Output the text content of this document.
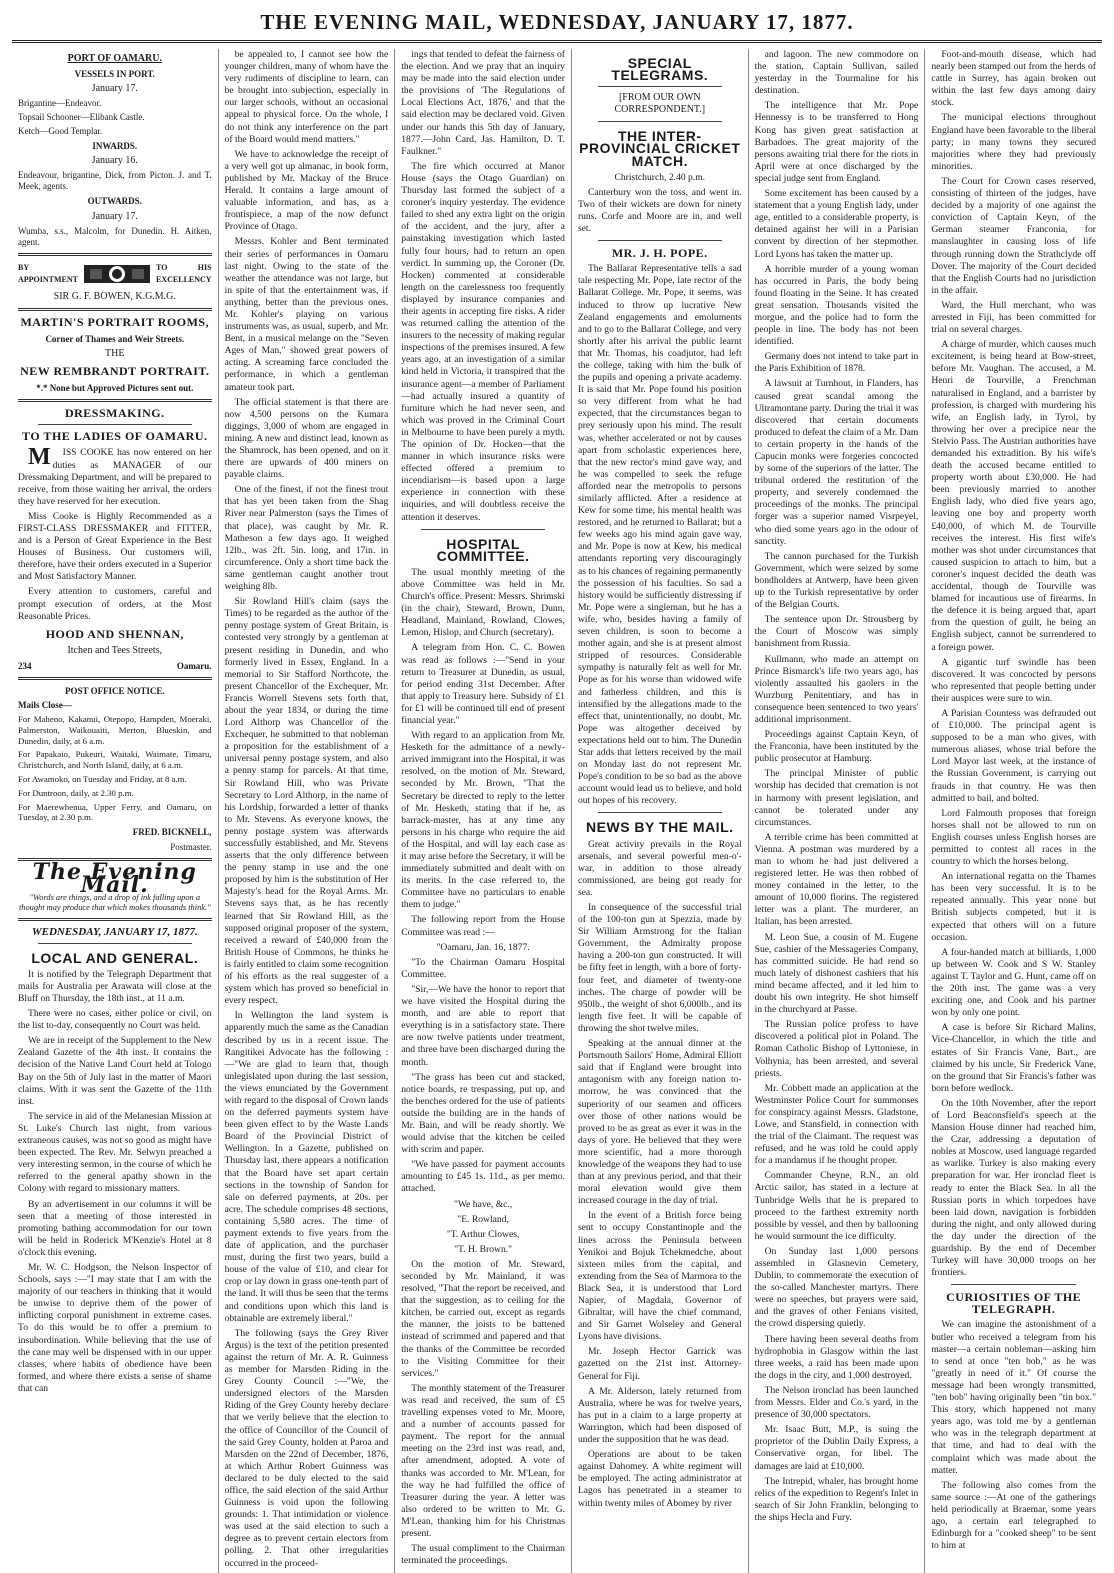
THE EVENING MAIL, WEDNESDAY, JANUARY 17, 1877.
PORT OF OAMARU.
VESSELS IN PORT.
January 17.

Brigantine—Endeavor.

Topsail Schooner—Elibank Castle.

Ketch—Good Templar.

INWARDS.
January 16.

Endeavour, brigantine, Dick, from Picton. J. and T. Meek, agents.

OUTWARDS.
January 17.

Wumba, s.s., Malcolm, for Dunedin. H. Aitken, agent.

BY APPOINTMENT
TO HIS EXCELLENCY
SIR G. F. BOWEN, K.G.M.G.
MARTIN'S PORTRAIT ROOMS,
Corner of Thames and Weir Streets.
THE
NEW REMBRANDT PORTRAIT.
*.* None but Approved Pictures sent out.
DRESSMAKING.
TO THE LADIES OF OAMARU.

MISS COOKE has now entered on her duties as MANAGER of our Dressmaking Department, and will be prepared to receive, from those waiting her arrival, the orders they have reserved for her execution.

Miss Cooke is Highly Recommended as a FIRST-CLASS DRESSMAKER and FITTER, and is a Person of Great Experience in the Best Houses of Business. Our customers will, therefore, have their orders executed in a Superior and Most Satisfactory Manner.

Every attention to customers, careful and prompt execution of orders, at the Most Reasonable Prices.

HOOD AND SHENNAN,
Itchen and Tees Streets,
234	Oamaru.
POST OFFICE NOTICE.

Mails Close—

For Maheno, Kakanui, Otepopo, Hampden, Moeraki, Palmerston, Waikouaiti, Merton, Blueskin, and Dunedin, daily, at 6 a.m.

For Papakaio, Pukeuri, Waitaki, Waimate, Timaru, Christchurch, and North Island, daily, at 6 a.m.

For Awamoko, on Tuesday and Friday, at 8 a.m.

For Duntroon, daily, at 2.30 p.m.

For Maerewhenua, Upper Ferry, and Oamaru, on Tuesday, at 2.30 p.m.

FRED. BICKNELL,

Postmaster.

The Evening Mail.
"Words are things, and a drop of ink falling upon a thought may produce that which makes thousands think."
WEDNESDAY, JANUARY 17, 1877.
LOCAL AND GENERAL.

It is notified by the Telegraph Department that mails for Australia per Arawata will close at the Bluff on Thursday, the 18th inst., at 11 a.m.

There were no cases, either police or civil, on the list to-day, consequently no Court was held.

We are in receipt of the Supplement to the New Zealand Gazette of the 4th inst. It contains the decision of the Native Land Court held at Tologo Bay on the 5th of July last in the matter of Maori claims. With it was sent the Gazette of the 11th inst.

The service in aid of the Melanesian Mission at St. Luke's Church last night, from various extraneous causes, was not so good as might have been expected. The Rev. Mr. Selwyn preached a very interesting sermon, in the course of which he referred to the general apathy shown in the Colony with regard to missionary matters.

By an advertisement in our columns it will be seen that a meeting of those interested in promoting bathing accommodation for our town will be held in Roderick M'Kenzie's Hotel at 8 o'clock this evening.

Mr. W. C. Hodgson, the Nelson Inspector of Schools, says :—"I may state that I am with the majority of our teachers in thinking that it would be unwise to deprive them of the power of inflicting corporal punishment in extreme cases. To do this would be to offer a premium to insubordination. While believing that the use of the cane may well be dispensed with in our upper classes, where habits of obedience have been formed, and where there exists a sense of shame that can

be appealed to, I cannot see how the younger children, many of whom have the very rudiments of discipline to learn, can be brought into subjection, especially in our larger schools, without an occasional appeal to physical force. On the whole, I do not think any interference on the part of the Board would mend matters."

We have to acknowledge the receipt of a very well got up almanac, in book form, published by Mr. Mackay of the Bruce Herald. It contains a large amount of valuable information, and has, as a frontispiece, a map of the now defunct Province of Otago.

Messrs. Kohler and Bent terminated their series of performances in Oamaru last night. Owing to the state of the weather the attendance was not large, but in spite of that the entertainment was, if anything, better than the previous ones. Mr. Kohler's playing on various instruments was, as usual, superb, and Mr. Bent, in a musical melange on the "Seven Ages of Man," showed great powers of acting. A screaming farce concluded the performance, in which a gentleman amateur took part.

The official statement is that there are now 4,500 persons on the Kumara diggings, 3,000 of whom are engaged in mining. A new and distinct lead, known as the Shamrock, has been opened, and on it there are upwards of 400 miners on payable claims.

One of the finest, if not the finest trout that has yet been taken from the Shag River near Palmerston (says the Times of that place), was caught by Mr. R. Matheson a few days ago. It weighed 12lb., was 2ft. 5in. long, and 17in. in circumference. Only a short time back the same gentleman caught another trout weighing 8lb.

Sir Rowland Hill's claim (says the Times) to be regarded as the author of the penny postage system of Great Britain, is contested very strongly by a gentleman at present residing in Dunedin, and who formerly lived in Essex, England. In a memorial to Sir Stafford Northcote, the present Chancellor of the Exchequer, Mr. Francis Worrell Stevens sets forth that, about the year 1834, or during the time Lord Althorp was Chancellor of the Exchequer, he submitted to that nobleman a proposition for the establishment of a universal penny postage system, and also a penny stamp for parcels. At that time, Sir Rowland Hill, who was Private Secretary to Lord Althorp, in the name of his Lordship, forwarded a letter of thanks to Mr. Stevens. As everyone knows, the penny postage system was afterwards successfully established, and Mr. Stevens asserts that the only difference between the penny stamp in use and the one proposed by him is the substitution of Her Majesty's head for the Royal Arms. Mr. Stevens says that, as he has recently learned that Sir Rowland Hill, as the supposed original proposer of the system, received a reward of £40,000 from the British House of Commons, he thinks he is fairly entitled to claim some recognition of his efforts as the real suggester of a system which has proved so beneficial in every respect.

In Wellington the land system is apparently much the same as the Canadian described by us in a recent issue. The Rangitikei Advocate has the following :—"We are glad to learn that, though unlegislated upon during the last session, the views enunciated by the Government with regard to the disposal of Crown lands on the deferred payments system have been given effect to by the Waste Lands Board of the Provincial District of Wellington. In a Gazette, published on Thursday last, there appears a notification that the Board have set apart certain sections in the township of Sandon for sale on deferred payments, at 20s. per acre. The schedule comprises 48 sections, containing 5,580 acres. The time of payment extends to five years from the date of application, and the purchaser must, during the first two years, build a house of the value of £10, and clear for crop or lay down in grass one-tenth part of the land. It will thus be seen that the terms and conditions upon which this land is obtainable are extremely liberal."

The following (says the Grey River Argus) is the text of the petition presented against the return of Mr. A. R. Guinness as member for Marsden Riding in the Grey County Council :—"We, the undersigned electors of the Marsden Riding of the Grey County hereby declare that we verily believe that the election to the office of Councillor of the Council of the said Grey County, holden at Paroa and Marsden on the 22nd of December, 1876, at which Arthur Robert Guinness was declared to be duly elected to the said office, the said election of the said Arthur Guinness is void upon the following grounds: 1. That intimidation or violence was used at the said election to such a degree as to prevent certain electors from polling. 2. That other irregularities occurred in the proceed-

ings that tended to defeat the fairness of the election. And we pray that an inquiry may be made into the said election under the provisions of 'The Regulations of Local Elections Act, 1876,' and that the said election may be declared void. Given under our hands this 5th day of January, 1877.—John Card, Jas. Hamilton, D. T. Faulkner."

The fire which occurred at Manor House (says the Otago Guardian) on Thursday last formed the subject of a coroner's inquiry yesterday. The evidence failed to shed any extra light on the origin of the accident, and the jury, after a painstaking investigation which lasted fully four hours, had to return an open verdict. In summing up, the Coroner (Dr. Hocken) commented at considerable length on the carelessness too frequently displayed by insurance companies and their agents in accepting fire risks. A rider was returned calling the attention of the insurers to the necessity of making regular inspections of the premises insured. A few years ago, at an investigation of a similar kind held in Victoria, it transpired that the insurance agent—a member of Parliament—had actually insured a quantity of furniture which he had never seen, and which was proved in the Criminal Court in Melbourne to have been purely a myth. The opinion of Dr. Hocken—that the manner in which insurance risks were effected offered a premium to incendiarism—is based upon a large experience in connection with these inquiries, and will doubtless receive the attention it deserves.

HOSPITAL COMMITTEE.

The usual monthly meeting of the above Committee was held in Mr. Church's office. Present: Messrs. Shrimski (in the chair), Steward, Brown, Dunn, Headland, Mainland, Rowland, Clowes, Lemon, Hislop, and Church (secretary).

A telegram from Hon. C. C. Bowen was read as follows :—"Send in your return to Treasurer at Dunedin, as usual, for period ending 31st December. After that apply to Treasury here. Subsidy of £1 for £1 will be continued till end of present financial year."

With regard to an application from Mr. Hesketh for the admittance of a newly-arrived immigrant into the Hospital, it was resolved, on the motion of Mr. Steward, seconded by Mr. Brown, "That the Secretary be directed to reply to the letter of Mr. Hesketh, stating that if he, as barrack-master, has at any time any persons in his charge who require the aid of the Hospital, and will lay each case as it may arise before the Secretary, it will be immediately submitted and dealt with on its merits. In the case referred to, the Committee have no particulars to enable them to judge."

The following report from the House Committee was read :—

"Oamaru, Jan. 16, 1877.

"To the Chairman Oamaru Hospital Committee.

"Sir,—We have the honor to report that we have visited the Hospital during the month, and are able to report that everything is in a satisfactory state. There are now twelve patients under treatment, and three have been discharged during the month.

"The grass has been cut and stacked, notice boards, re trespassing, put up, and the benches ordered for the use of patients outside the building are in the hands of Mr. Bain, and will be ready shortly. We would advise that the kitchen be ceiled with scrim and paper.

"We have passed for payment accounts amounting to £45 1s. 11d., as per memo. attached.

"We have, &c.,

"E. Rowland,

"T. Arthur Clowes,

"T. H. Brown."

On the motion of Mr. Steward, seconded by Mr. Mainland, it was resolved, "That the report be received, and that the suggestion, as to ceiling for the kitchen, be carried out, except as regards the manner, the joists to be battened instead of scrimmed and papered and that the thanks of the Committee be recorded to the Visiting Committee for their services."

The monthly statement of the Treasurer was read and received, the sum of £5 travelling expenses voted to Mr. Moore, and a number of accounts passed for payment. The report for the annual meeting on the 23rd inst was read, and, after amendment, adopted. A vote of thanks was accorded to Mr. M'Lean, for the way he had fulfilled the office of Treasurer during the year. A letter was also ordered to be written to Mr. G. M'Lean, thanking him for his Christmas present.

The usual compliment to the Chairman terminated the proceedings.

SPECIAL TELEGRAMS.
[FROM OUR OWN CORRESPONDENT.]
THE INTER-PROVINCIAL CRICKET MATCH.

Christchurch, 2.40 p.m.

Canterbury won the toss, and went in. Two of their wickets are down for ninety runs. Corfe and Moore are in, and well set.

MR. J. H. POPE.

The Ballarat Representative tells a sad tale respecting Mr. Pope, late rector of the Ballarat College. Mr. Pope, it seems, was induced to throw up lucrative New Zealand engagements and emoluments and to go to the Ballarat College, and very shortly after his arrival the public learnt that Mr. Thomas, his coadjutor, had left the college, taking with him the bulk of the pupils and opening a private academy. It is said that Mr. Pope found his position so very different from what he had expected, that the circumstances began to prey seriously upon his mind. The result was, whether accelerated or not by causes apart from scholastic experiences here, that the new rector's mind gave way, and he was compelled to seek the refuge afforded near the metropolis to persons similarly afflicted. After a residence at Kew for some time, his mental health was restored, and he returned to Ballarat; but a few weeks ago his mind again gave way, and Mr. Pope is now at Kew, his medical attendants reporting very discouragingly as to his chances of regaining permanently the possession of his faculties. So sad a history would be sufficiently distressing if Mr. Pope were a singleman, but he has a wife, who, besides having a family of seven children, is soon to become a mother again, and she is at present almost stripped of resources. Considerable sympathy is naturally felt as well for Mr. Pope as for his worse than widowed wife and fatherless children, and this is intensified by the allegations made to the effect that, unintentionally, no doubt, Mr. Pope was altogether deceived by expectations held out to him. The Dunedin Star adds that letters received by the mail on Monday last do not represent Mr. Pope's condition to be so bad as the above account would lead us to believe, and hold out hopes of his recovery.

NEWS BY THE MAIL.

Great activity prevails in the Royal arsenals, and several powerful men-o'-war, in addition to those already commissioned, are being got ready for sea.

In consequence of the successful trial of the 100-ton gun at Spezzia, made by Sir William Armstrong for the Italian Government, the Admiralty propose having a 200-ton gun constructed. It will be fifty feet in length, with a bore of forty-four feet, and diameter of twenty-one inches. The charge of powder will be 950lb., the weight of shot 6,000lb., and its length five feet. It will be capable of throwing the shot twelve miles.

Speaking at the annual dinner at the Portsmouth Sailors' Home, Admiral Elliott said that if England were brought into antagonism with any foreign nation to-morrow, he was convinced that the superiority of our seamen and officers over those of other nations would be proved to be as great as ever it was in the days of yore. He believed that they were more scientific, had a more thorough knowledge of the weapons they had to use than at any previous period, and that their moral elevation would give them increased courage in the day of trial.

In the event of a British force being sent to occupy Constantinople and the lines across the Peninsula between Yenikoi and Bojuk Tchekmedche, about sixteen miles from the capital, and extending from the Sea of Marmora to the Black Sea, it is understood that Lord Napier, of Magdala, Governor of Gibraltar, will have the chief command, and Sir Garnet Wolseley and General Lyons have divisions.

Mr. Joseph Hector Garrick was gazetted on the 21st inst. Attorney-General for Fiji.

A Mr. Alderson, lately returned from Australia, where he was for twelve years, has put in a claim to a large property at Warrington, which had been disposed of under the supposition that he was dead.

Operations are about to be taken against Dahomey. A white regiment will be employed. The acting administrator at Lagos has penetrated in a steamer to within twenty miles of Abomey by river

and lagoon. The new commodore on the station, Captain Sullivan, sailed yesterday in the Tourmaline for his destination.

The intelligence that Mr. Pope Hennessy is to be transferred to Hong Kong has given great satisfaction at Barbadoes. The great majority of the persons awaiting trial there for the riots in April were at once discharged by the special judge sent from England.

Some excitement has been caused by a statement that a young English lady, under age, entitled to a considerable property, is detained against her will in a Parisian convent by direction of her stepmother. Lord Lyons has taken the matter up.

A horrible murder of a young woman has occurred in Paris, the body being found floating in the Seine. It has created great sensation. Thousands visited the morgue, and the police had to form the people in line. The body has not been identified.

Germany does not intend to take part in the Paris Exhibition of 1878.

A lawsuit at Turnhout, in Flanders, has caused great scandal among the Ultramontane party. During the trial it was discovered that certain documents produced to defeat the claim of a Mr. Dam to certain property in the hands of the Capucin monks were forgeries concocted by some of the superiors of the latter. The tribunal ordered the restitution of the property, and severely condemned the proceedings of the monks. The principal forger was a superior named Visrpeyel, who died some years ago in the odour of sanctity.

The cannon purchased for the Turkish Government, which were seized by some bondholders at Antwerp, have been given up to the Turkish representative by order of the Belgian Courts.

The sentence upon Dr. Strousberg by the Court of Moscow was simply banishment from Russia.

Kullmann, who made an attempt on Prince Bismarck's life two years ago, has violently assaulted his gaolers in the Wurzburg Penitentiary, and has in consequence been sentenced to two years' additional imprisonment.

Proceedings against Captain Keyn, of the Franconia, have been instituted by the public prosecutor at Hamburg.

The principal Minister of public worship has decided that cremation is not in harmony with present legislation, and cannot be tolerated under any circumstances.

A terrible crime has been committed at Vienna. A postman was murdered by a man to whom he had just delivered a registered letter. He was then robbed of money contained in the letter, to the amount of 10,000 florins. The registered letter was a plant. The murderer, an Italian, has been arrested.

M. Leon Sue, a cousin of M. Eugene Sue, cashier of the Messageries Company, has committed suicide. He had rend so much lately of dishonest cashiers that his mind became affected, and it led him to doubt his own integrity. He shot himself in the churchyard at Passe.

The Russian police profess to have discovered a political plot in Poland. The Roman Catholic Bishop of Lyttoniese, in Volhynia, has been arrested, and several priests.

Mr. Cobbett made an application at the Westminster Police Court for summonses for conspiracy against Messrs. Gladstone, Lowe, and Stansfield, in connection with the trial of the Claimant. The request was refused, and he was told he could apply for a mandamus if he thought proper.

Commander Cheyne, R.N., an old Arctic sailor, has stated in a lecture at Tunbridge Wells that he is prepared to proceed to the farthest extremity north possible by vessel, and then by ballooning he would surmount the ice difficulty.

On Sunday last 1,000 persons assembled in Glasnevin Cemetery, Dublin, to commemorate the execution of the so-called Manchester martyrs. There were no speeches, but prayers were said, and the graves of other Fenians visited, the crowd dispersing quietly.

There having been several deaths from hydrophobia in Glasgow within the last three weeks, a raid has been made upon the dogs in the city, and 1,000 destroyed.

The Nelson ironclad has been launched from Messrs. Elder and Co.'s yard, in the presence of 30,000 spectators.

Mr. Isaac Butt, M.P., is suing the proprietor of the Dublin Daily Express, a Conservative organ, for libel. The damages are laid at £10,000.

The Intrepid, whaler, has brought home relics of the expedition to Regent's Inlet in search of Sir John Franklin, belonging to the ships Hecla and Fury.

Foot-and-mouth disease, which had nearly been stamped out from the herds of cattle in Surrey, has again broken out within the last few days among dairy stock.

The municipal elections throughout England have been favorable to the liberal party; in many towns they secured majorities where they had previously minorities.

The Court for Crown cases reserved, consisting of thirteen of the judges, have decided by a majority of one against the conviction of Captain Keyn, of the German steamer Franconia, for manslaughter in causing loss of life through running down the Strathclyde off Dover. The majority of the Court decided that the English Courts had no jurisdiction in the affair.

Ward, the Hull merchant, who was arrested in Fiji, has been committed for trial on several charges.

A charge of murder, which causes much excitement, is being heard at Bow-street, before Mr. Vaughan. The accused, a M. Henri de Tourville, a Frenchman naturalised in England, and a barrister by profession, is charged with murdering his wife, an English lady, in Tyrol, by throwing her over a precipice near the Stelvio Pass. The Austrian authorities have demanded his extradition. By his wife's death the accused became entitled to property worth about £30,000. He had been previously married to another English lady, who died five years ago, leaving one boy and property worth £40,000, of which M. de Tourville receives the interest. His first wife's mother was shot under circumstances that caused suspicion to attach to him, but a coroner's inquest decided the death was accidental, though de Tourville was blamed for incautious use of firearms. In the defence it is being argued that, apart from the question of guilt, he being an English subject, cannot be surrendered to a foreign power.

A gigantic turf swindle has been discovered. It was concocted by persons who represented that people betting under their auspices were sure to win.

A Parisian Countess was defrauded out of £10,000. The principal agent is supposed to be a man who gives, with numerous aliases, whose trial before the Lord Mayor last week, at the instance of the Russian Government, is carrying out frauds in that country. He was then admitted to bail, and bolted.

Lord Falmouth proposes that foreign horses shall not be allowed to run on English courses unless English horses are permitted to contest all races in the country to which the horses belong.

An international regatta on the Thames has been very successful. It is to be repeated annually. This year none but British subjects competed, but it is expected that others will on a future occasion.

A four-handed match at billiards, 1,000 up between W. Cook and S W. Stanley against T. Taylor and G. Hunt, came off on the 20th inst. The game was a very exciting one, and Cook and his partner won by only one point.

A case is before Sir Richard Malins, Vice-Chancellor, in which the title and estates of Sir Francis Vane, Bart., are claimed by his uncle, Sir Frederick Vane, on the ground that Sir Francis's father was born before wedlock.

On the 10th November, after the report of Lord Beaconsfield's speech at the Mansion House dinner had reached him, the Czar, addressing a deputation of nobles at Moscow, used language regarded as warlike. Turkey is also making every preparation for war. Her ironclad fleet is ready to enter the Black Sea. In all the Russian ports in which torpedoes have been laid down, navigation is forbidden during the night, and only allowed during the day under the direction of the guardship. By the end of December Turkey will have 30,000 troops on her frontiers.

CURIOSITIES OF THE TELEGRAPH.

We can imagine the astonishment of a butler who received a telegram from his master—a certain nobleman—asking him to send at once "ten bob," as he was "greatly in need of it." Of course the message had been wrongly transmitted, "ten bob" having originally been "tin box." This story, which happened not many years ago, was told me by a gentleman who was in the telegraph department at that time, and had to deal with the complaint which was made about the matter.

The following also comes from the same source :—At one of the gatherings held periodically at Braemar, some years ago, a certain earl telegraphed to Edinburgh for a "cooked sheep" to be sent to him at
